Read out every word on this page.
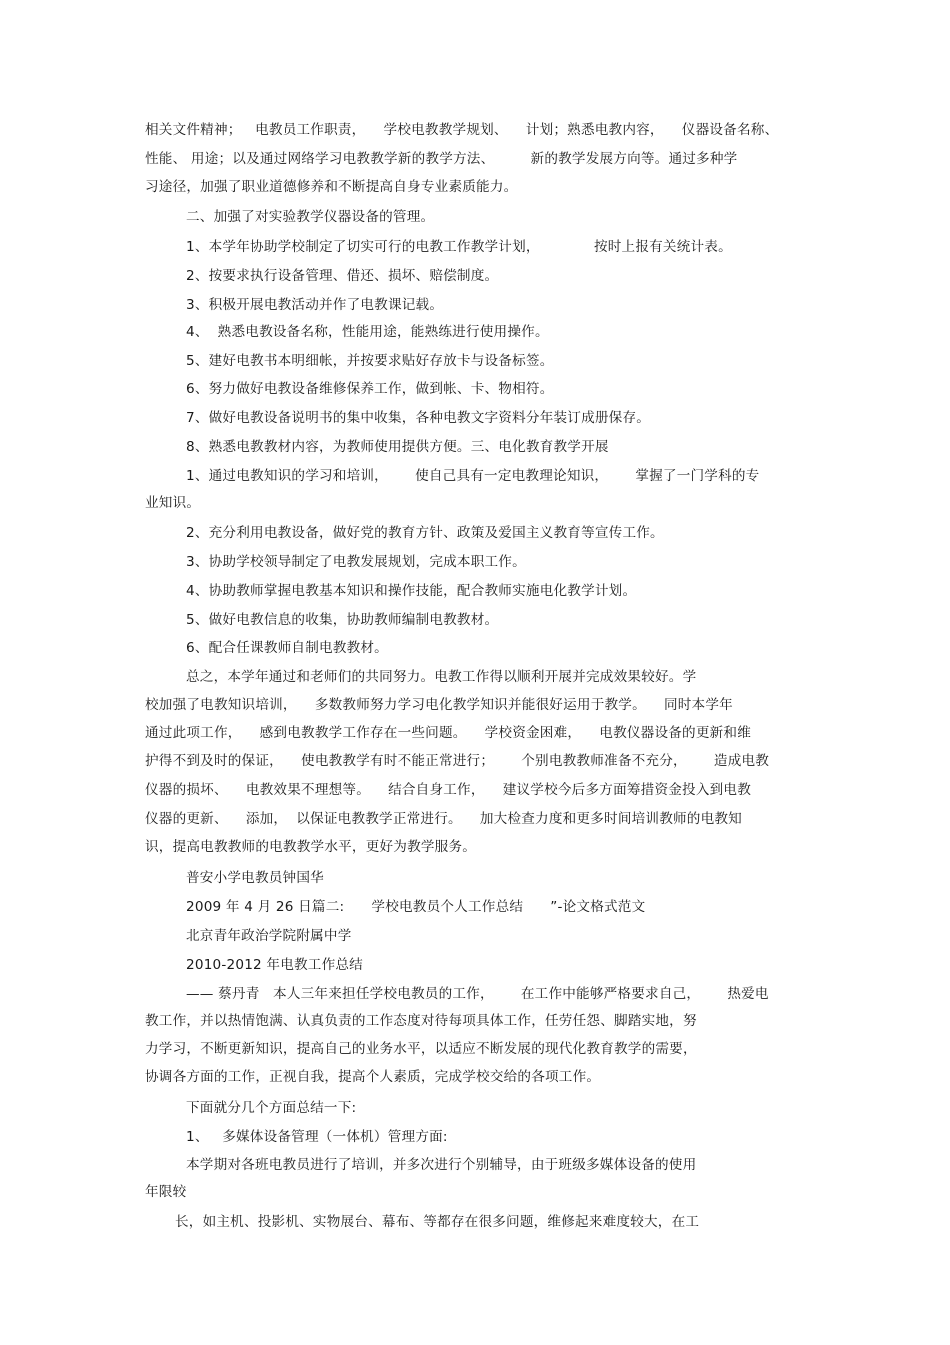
相关文件精神；   电教员工作职责，    学校电教教学规划、    计划；熟悉电教内容，    仪器设备名称、
性能、 用途；以及通过网络学习电教教学新的教学方法、        新的教学发展方向等。通过多种学
习途径，加强了职业道德修养和不断提高自身专业素质能力。
二、加强了对实验教学仪器设备的管理。
1、本学年协助学校制定了切实可行的电教工作教学计划，            按时上报有关统计表。
2、按要求执行设备管理、借还、损坏、赔偿制度。
3、积极开展电教活动并作了电教课记载。
4、  熟悉电教设备名称，性能用途，能熟练进行使用操作。
5、建好电教书本明细帐，并按要求贴好存放卡与设备标签。
6、努力做好电教设备维修保养工作，做到帐、卡、物相符。
7、做好电教设备说明书的集中收集，各种电教文字资料分年装订成册保存。
8、熟悉电教教材内容，为教师使用提供方便。三、电化教育教学开展
1、通过电教知识的学习和培训，      使自己具有一定电教理论知识，      掌握了一门学科的专
业知识。
2、充分利用电教设备，做好党的教育方针、政策及爱国主义教育等宣传工作。
3、协助学校领导制定了电教发展规划，完成本职工作。
4、协助教师掌握电教基本知识和操作技能，配合教师实施电化教学计划。
5、做好电教信息的收集，协助教师编制电教教材。
6、配合任课教师自制电教教材。
总之，本学年通过和老师们的共同努力。电教工作得以顺利开展并完成效果较好。学
校加强了电教知识培训，    多数教师努力学习电化教学知识并能很好运用于教学。    同时本学年
通过此项工作，    感到电教教学工作存在一些问题。    学校资金困难，    电教仪器设备的更新和维
护得不到及时的保证，    使电教教学有时不能正常进行；      个别电教教师准备不充分，      造成电教
仪器的损坏、    电教效果不理想等。    结合自身工作，    建议学校今后多方面筹措资金投入到电教
仪器的更新、    添加，  以保证电教教学正常进行。    加大检查力度和更多时间培训教师的电教知
识，提高电教教师的电教教学水平，更好为教学服务。
普安小学电教员钟国华
2009 年 4 月 26 日篇二:      学校电教员个人工作总结      ”-论文格式范文
北京青年政治学院附属中学
2010-2012 年电教工作总结
—— 蔡丹青   本人三年来担任学校电教员的工作，      在工作中能够严格要求自己，      热爱电
教工作，并以热情饱满、认真负责的工作态度对待每项具体工作，任劳任怨、脚踏实地，努
力学习，不断更新知识，提高自己的业务水平，以适应不断发展的现代化教育教学的需要，
协调各方面的工作，正视自我，提高个人素质，完成学校交给的各项工作。
下面就分几个方面总结一下:
1、   多媒体设备管理（一体机）管理方面:
本学期对各班电教员进行了培训，并多次进行个别辅导，由于班级多媒体设备的使用
年限较
长，如主机、投影机、实物展台、幕布、等都存在很多问题，维修起来难度较大，在工
